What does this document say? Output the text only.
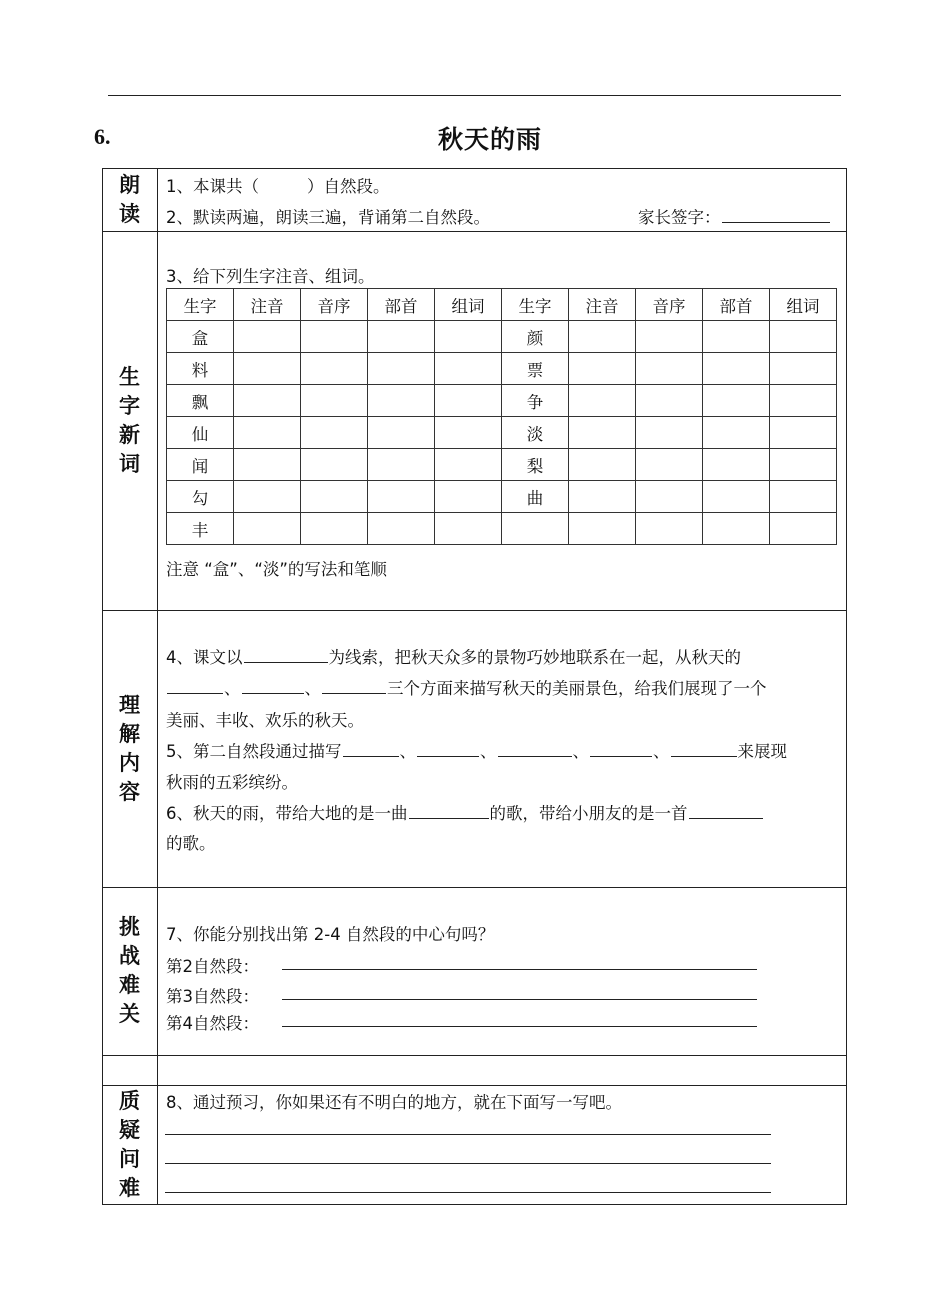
6.	秋天的雨
朗
读
1、本课共（	）自然段。
2、默读两遍，朗读三遍，背诵第二自然段。	家长签字：
生
字
新
词
3、给下列生字注音、组词。
生字	注音	音序	部首	组词	生字	注音	音序	部首	组词
盒					颜				
料					票				
飘					争				
仙					淡				
闻					梨				
勾					曲				
丰									
注意 “盒”、“淡”的写法和笔顺
理
解
内
容
4、课文以	为线索，把秋天众多的景物巧妙地联系在一起，从秋天的
、	、	三个方面来描写秋天的美丽景色，给我们展现了一个
美丽、丰收、欢乐的秋天。
5、第二自然段通过描写	、	、	、	、	来展现
秋雨的五彩缤纷。
6、秋天的雨，带给大地的是一曲	的歌，带给小朋友的是一首
的歌。
挑
战
难
关
7、你能分别找出第 2-4 自然段的中心句吗？
第2自然段：
第3自然段：
第4自然段：
质
疑
问
难
8、通过预习，你如果还有不明白的地方，就在下面写一写吧。
